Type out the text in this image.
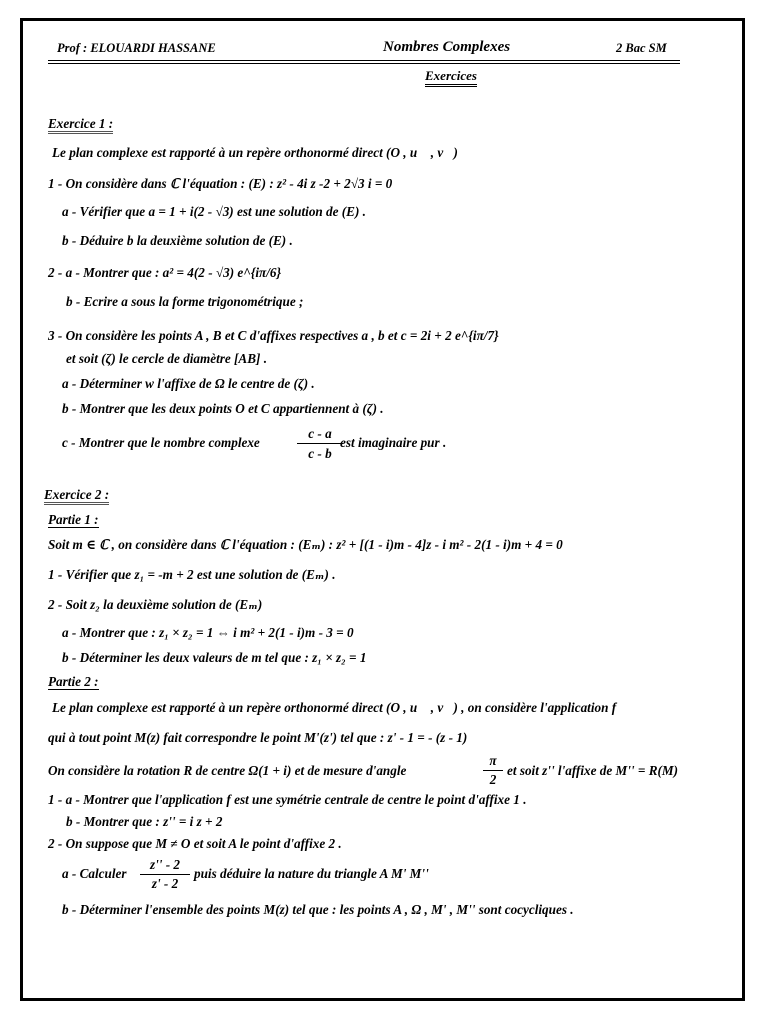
Prof : ELOUARDI HASSANE	Nombres Complexes	2 Bac SM
Exercices
Exercice 1 :
Le plan complexe est rapporté à un repère orthonormé direct (O , u⃗ , v⃗)
1 - On considère dans ℂ l'équation : (E) : z² - 4i z -2 + 2√3 i = 0
a - Vérifier que a = 1 + i(2 - √3) est une solution de (E) .
b - Déduire b la deuxième solution de (E) .
2 - a - Montrer que : a² = 4(2 - √3) e^{iπ/6}
b - Ecrire a sous la forme trigonométrique ;
3 - On considère les points A , B et C d'affixes respectives a , b et c = 2i + 2 e^{iπ/7}
et soit (ζ) le cercle de diamètre [AB] .
a - Déterminer w l'affixe de Ω le centre de (ζ) .
b - Montrer que les deux points O et C appartiennent à (ζ) .
c - Montrer que le nombre complexe
c - a
c - b
est imaginaire pur .
Exercice 2 :
Partie 1 :
Soit m ∈ ℂ , on considère dans ℂ l'équation : (Eₘ) : z² + [(1 - i)m - 4]z - i m² - 2(1 - i)m + 4 = 0
1 - Vérifier que z₁ = -m + 2 est une solution de (Eₘ) .
2 - Soit z₂ la deuxième solution de (Eₘ)
a - Montrer que : z₁ × z₂ = 1 ⇔ i m² + 2(1 - i)m - 3 = 0
b - Déterminer les deux valeurs de m tel que : z₁ × z₂ = 1
Partie 2 :
Le plan complexe est rapporté à un repère orthonormé direct (O , u⃗ , v⃗) , on considère l'application f
qui à tout point M(z) fait correspondre le point M'(z') tel que : z' - 1 = - (z - 1)
On considère la rotation R de centre Ω(1 + i) et de mesure d'angle
π
2
et soit z'' l'affixe de M'' = R(M)
1 - a - Montrer que l'application f est une symétrie centrale de centre le point d'affixe 1 .
b - Montrer que : z'' = i z + 2
2 - On suppose que M ≠ O et soit A le point d'affixe 2 .
a - Calculer
z'' - 2
z' - 2
puis déduire la nature du triangle A M' M''
b - Déterminer l'ensemble des points M(z) tel que : les points A , Ω , M' , M'' sont cocycliques .
